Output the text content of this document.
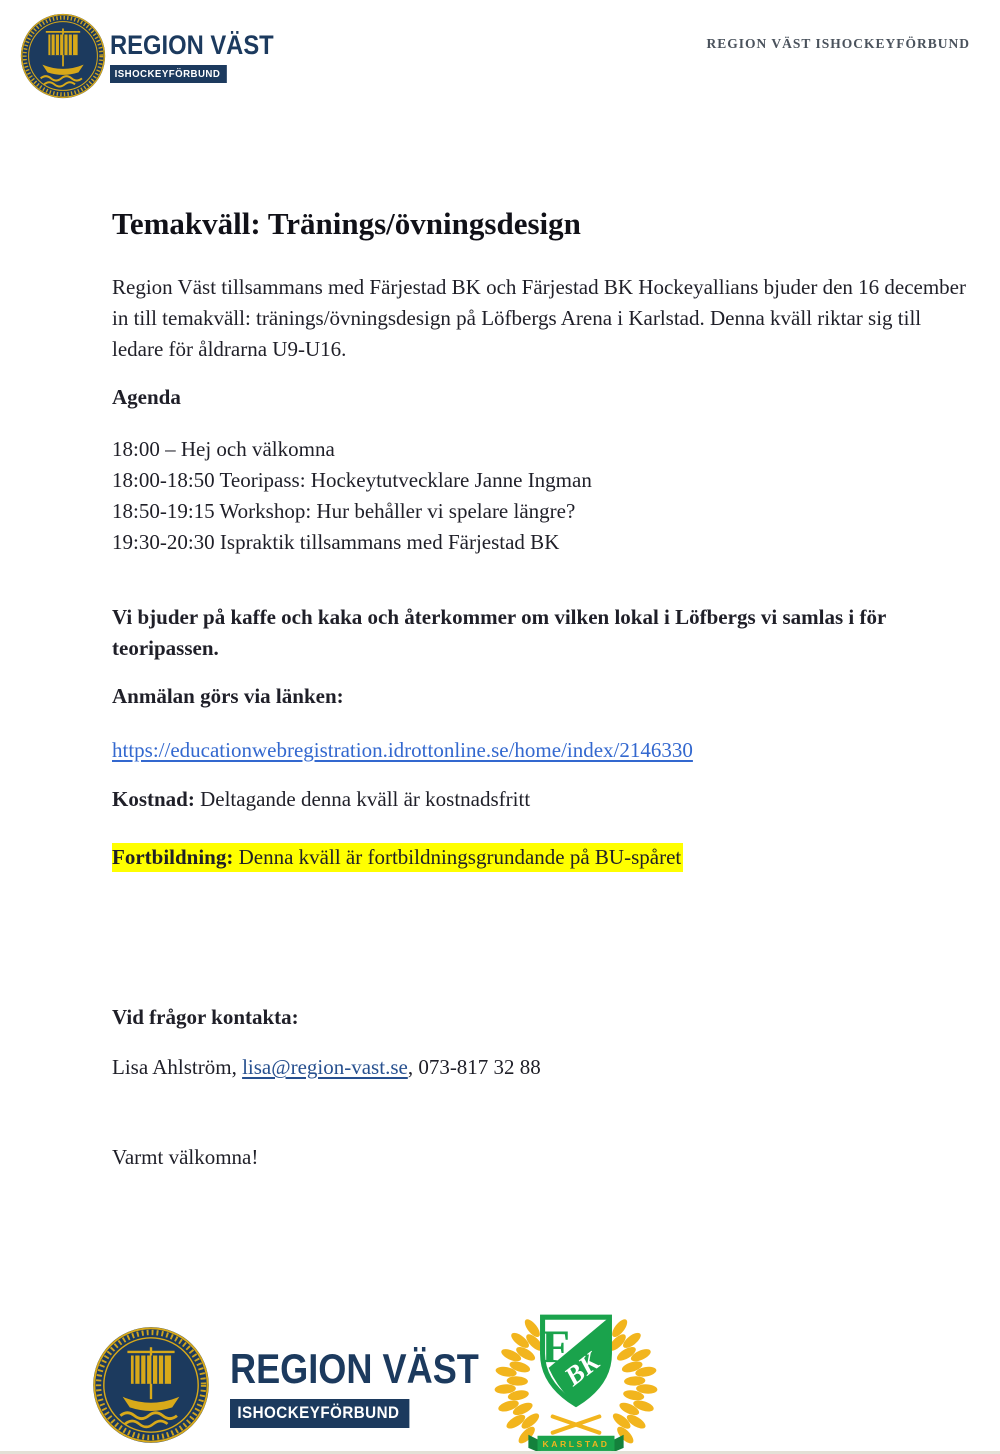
REGION VÄST
ISHOCKEYFÖRBUND
REGION VÄST ISHOCKEYFÖRBUND
Temakväll: Tränings/övningsdesign
Region Väst tillsammans med Färjestad BK och Färjestad BK Hockeyallians bjuder den 16 december in till temakväll: tränings/övningsdesign på Löfbergs Arena i Karlstad. Denna kväll riktar sig till ledare för åldrarna U9-U16.
Agenda
18:00 – Hej och välkomna
18:00-18:50 Teoripass: Hockeytutvecklare Janne Ingman
18:50-19:15 Workshop: Hur behåller vi spelare längre?
19:30-20:30 Ispraktik tillsammans med Färjestad BK
Vi bjuder på kaffe och kaka och återkommer om vilken lokal i Löfbergs vi samlas i för teoripassen.
Anmälan görs via länken:
https://educationwebregistration.idrottonline.se/home/index/2146330
Kostnad: Deltagande denna kväll är kostnadsfritt
Fortbildning: Denna kväll är fortbildningsgrundande på BU-spåret
Vid frågor kontakta:
Lisa Ahlström, lisa@region-vast.se, 073-817 32 88
Varmt välkomna!
REGION VÄST
ISHOCKEYFÖRBUND
F
BK
KARLSTAD
